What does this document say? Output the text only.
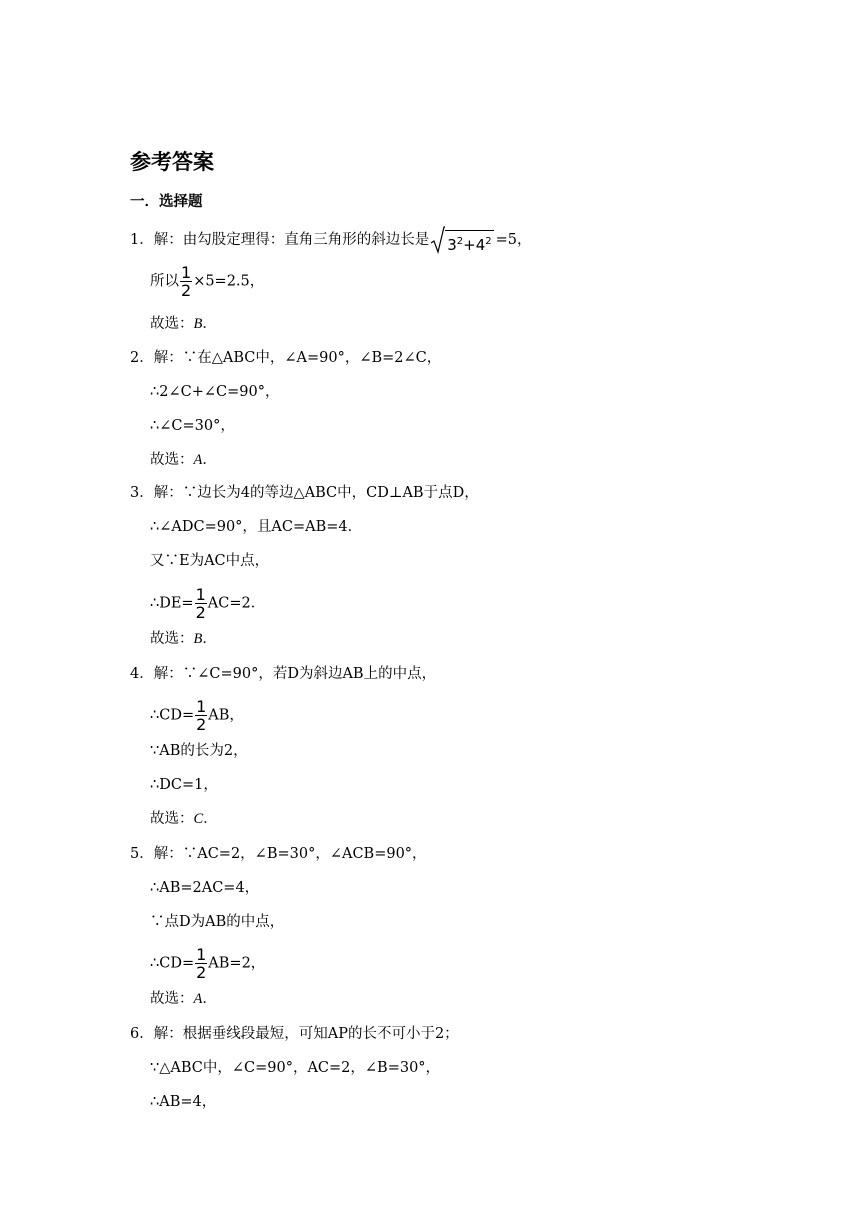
参考答案
一．选择题
1．解：由勾股定理得：直角三角形的斜边长是 $3^2+4^2 =5$，
所以 $\frac{1}{2} \times 5=2.5$，
故选：B．
2．解：∵在△ABC中，∠A=90°，∠B=2∠C，
∴2∠C+∠C=90°，
∴∠C=30°，
故选：A．
3．解：∵边长为4的等边△ABC中，CD⊥AB于点D，
∴∠ADC=90°，且AC=AB=4．
又∵E为AC中点，
∴DE= $\frac{1}{2} AC=2$．
故选：B．
4．解：∵∠C=90°，若D为斜边AB上的中点，
∴CD= $\frac{1}{2}$ AB，
∵AB的长为2，
∴DC=1，
故选：C．
5．解：∵AC=2，∠B=30°，∠ACB=90°，
∴AB=2AC=4，
∵点D为AB的中点，
∴CD= $\frac{1}{2} AB=2$，
故选：A．
6．解：根据垂线段最短，可知AP的长不可小于2；
∵△ABC中，∠C=90°，AC=2，∠B=30°，
∴AB=4，
